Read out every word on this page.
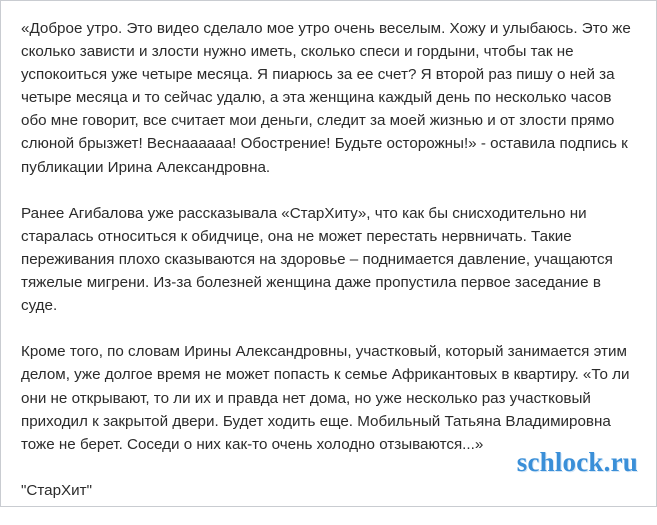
«Доброе утро. Это видео сделало мое утро очень веселым. Хожу и улыбаюсь. Это же сколько зависти и злости нужно иметь, сколько спеси и гордыни, чтобы так не успокоиться уже четыре месяца. Я пиарюсь за ее счет? Я второй раз пишу о ней за четыре месяца и то сейчас удалю, а эта женщина каждый день по несколько часов обо мне говорит, все считает мои деньги, следит за моей жизнью и от злости прямо слюной брызжет! Веснаааааа! Обострение! Будьте осторожны!» - оставила подпись к публикации Ирина Александровна.

Ранее Агибалова уже рассказывала «СтарХиту», что как бы снисходительно ни старалась относиться к обидчице, она не может перестать нервничать. Такие переживания плохо сказываются на здоровье – поднимается давление, учащаются тяжелые мигрени. Из-за болезней женщина даже пропустила первое заседание в суде.

Кроме того, по словам Ирины Александровны, участковый, который занимается этим делом, уже долгое время не может попасть к семье Африкантовых в квартиру. «То ли они не открывают, то ли их и правда нет дома, но уже несколько раз участковый приходил к закрытой двери. Будет ходить еще. Мобильный Татьяна Владимировна тоже не берет. Соседи о них как-то очень холодно отзываются...»

"СтарХит"

schlock.ru
